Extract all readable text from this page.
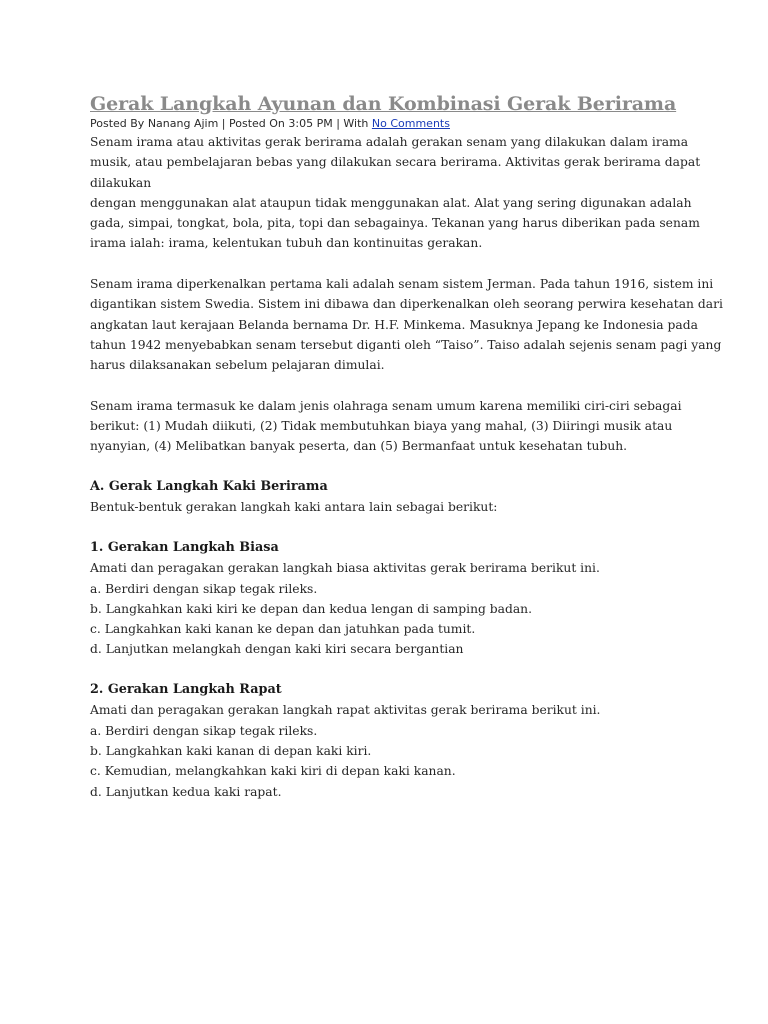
Gerak Langkah Ayunan dan Kombinasi Gerak Berirama
Posted By Nanang Ajim | Posted On 3:05 PM | With No Comments
Senam irama atau aktivitas gerak berirama adalah gerakan senam yang dilakukan dalam irama
musik, atau pembelajaran bebas yang dilakukan secara berirama. Aktivitas gerak berirama dapat
dilakukan
dengan menggunakan alat ataupun tidak menggunakan alat. Alat yang sering digunakan adalah
gada, simpai, tongkat, bola, pita, topi dan sebagainya. Tekanan yang harus diberikan pada senam
irama ialah: irama, kelentukan tubuh dan kontinuitas gerakan.
Senam irama diperkenalkan pertama kali adalah senam sistem Jerman. Pada tahun 1916, sistem ini
digantikan sistem Swedia. Sistem ini dibawa dan diperkenalkan oleh seorang perwira kesehatan dari
angkatan laut kerajaan Belanda bernama Dr. H.F. Minkema. Masuknya Jepang ke Indonesia pada
tahun 1942 menyebabkan senam tersebut diganti oleh “Taiso”. Taiso adalah sejenis senam pagi yang
harus dilaksanakan sebelum pelajaran dimulai.
Senam irama termasuk ke dalam jenis olahraga senam umum karena memiliki ciri-ciri sebagai
berikut: (1) Mudah diikuti, (2) Tidak membutuhkan biaya yang mahal, (3) Diiringi musik atau
nyanyian, (4) Melibatkan banyak peserta, dan (5) Bermanfaat untuk kesehatan tubuh.
A. Gerak Langkah Kaki Berirama
Bentuk-bentuk gerakan langkah kaki antara lain sebagai berikut:
1. Gerakan Langkah Biasa
Amati dan peragakan gerakan langkah biasa aktivitas gerak berirama berikut ini.
a. Berdiri dengan sikap tegak rileks.
b. Langkahkan kaki kiri ke depan dan kedua lengan di samping badan.
c. Langkahkan kaki kanan ke depan dan jatuhkan pada tumit.
d. Lanjutkan melangkah dengan kaki kiri secara bergantian
2. Gerakan Langkah Rapat
Amati dan peragakan gerakan langkah rapat aktivitas gerak berirama berikut ini.
a. Berdiri dengan sikap tegak rileks.
b. Langkahkan kaki kanan di depan kaki kiri.
c. Kemudian, melangkahkan kaki kiri di depan kaki kanan.
d. Lanjutkan kedua kaki rapat.
